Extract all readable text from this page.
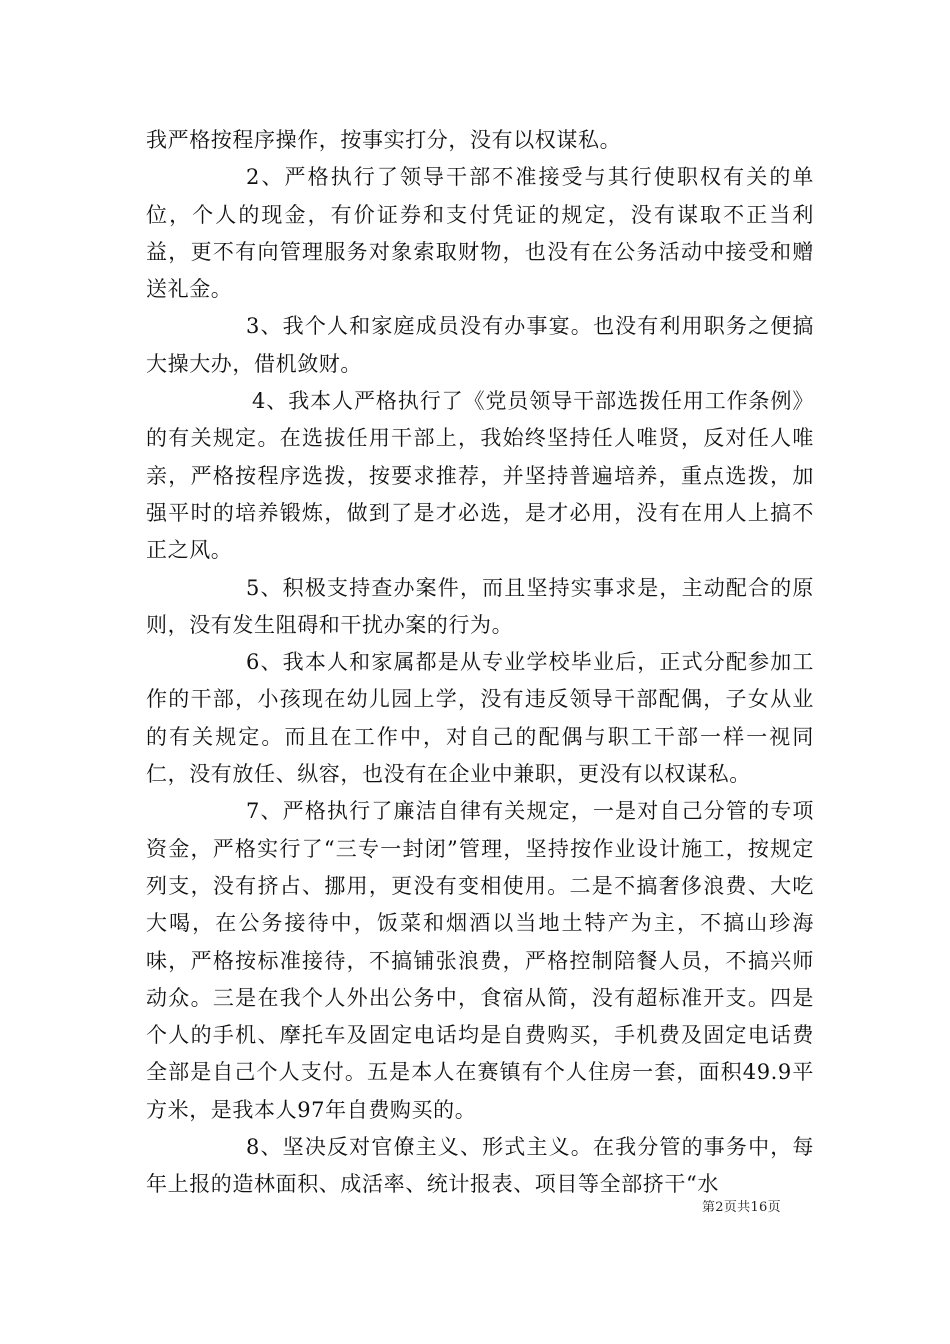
我严格按程序操作，按事实打分，没有以权谋私。

2、严格执行了领导干部不准接受与其行使职权有关的单位，个人的现金，有价证券和支付凭证的规定，没有谋取不正当利益，更不有向管理服务对象索取财物，也没有在公务活动中接受和赠送礼金。

3、我个人和家庭成员没有办事宴。也没有利用职务之便搞大操大办，借机敛财。

4、我本人严格执行了《党员领导干部选拨任用工作条例》的有关规定。在选拔任用干部上，我始终坚持任人唯贤，反对任人唯亲，严格按程序选拨，按要求推荐，并坚持普遍培养，重点选拨，加强平时的培养锻炼，做到了是才必选，是才必用，没有在用人上搞不正之风。

5、积极支持查办案件，而且坚持实事求是，主动配合的原则，没有发生阻碍和干扰办案的行为。

6、我本人和家属都是从专业学校毕业后，正式分配参加工作的干部，小孩现在幼儿园上学，没有违反领导干部配偶，子女从业的有关规定。而且在工作中，对自己的配偶与职工干部一样一视同仁，没有放任、纵容，也没有在企业中兼职，更没有以权谋私。

7、严格执行了廉洁自律有关规定，一是对自己分管的专项资金，严格实行了“三专一封闭”管理，坚持按作业设计施工，按规定列支，没有挤占、挪用，更没有变相使用。二是不搞奢侈浪费、大吃大喝，在公务接待中，饭菜和烟酒以当地土特产为主，不搞山珍海味，严格按标准接待，不搞铺张浪费，严格控制陪餐人员，不搞兴师动众。三是在我个人外出公务中，食宿从简，没有超标准开支。四是个人的手机、摩托车及固定电话均是自费购买，手机费及固定电话费全部是自己个人支付。五是本人在赛镇有个人住房一套，面积49.9平方米，是我本人97年自费购买的。

8、坚决反对官僚主义、形式主义。在我分管的事务中，每年上报的造林面积、成活率、统计报表、项目等全部挤干“水

第2页共16页
